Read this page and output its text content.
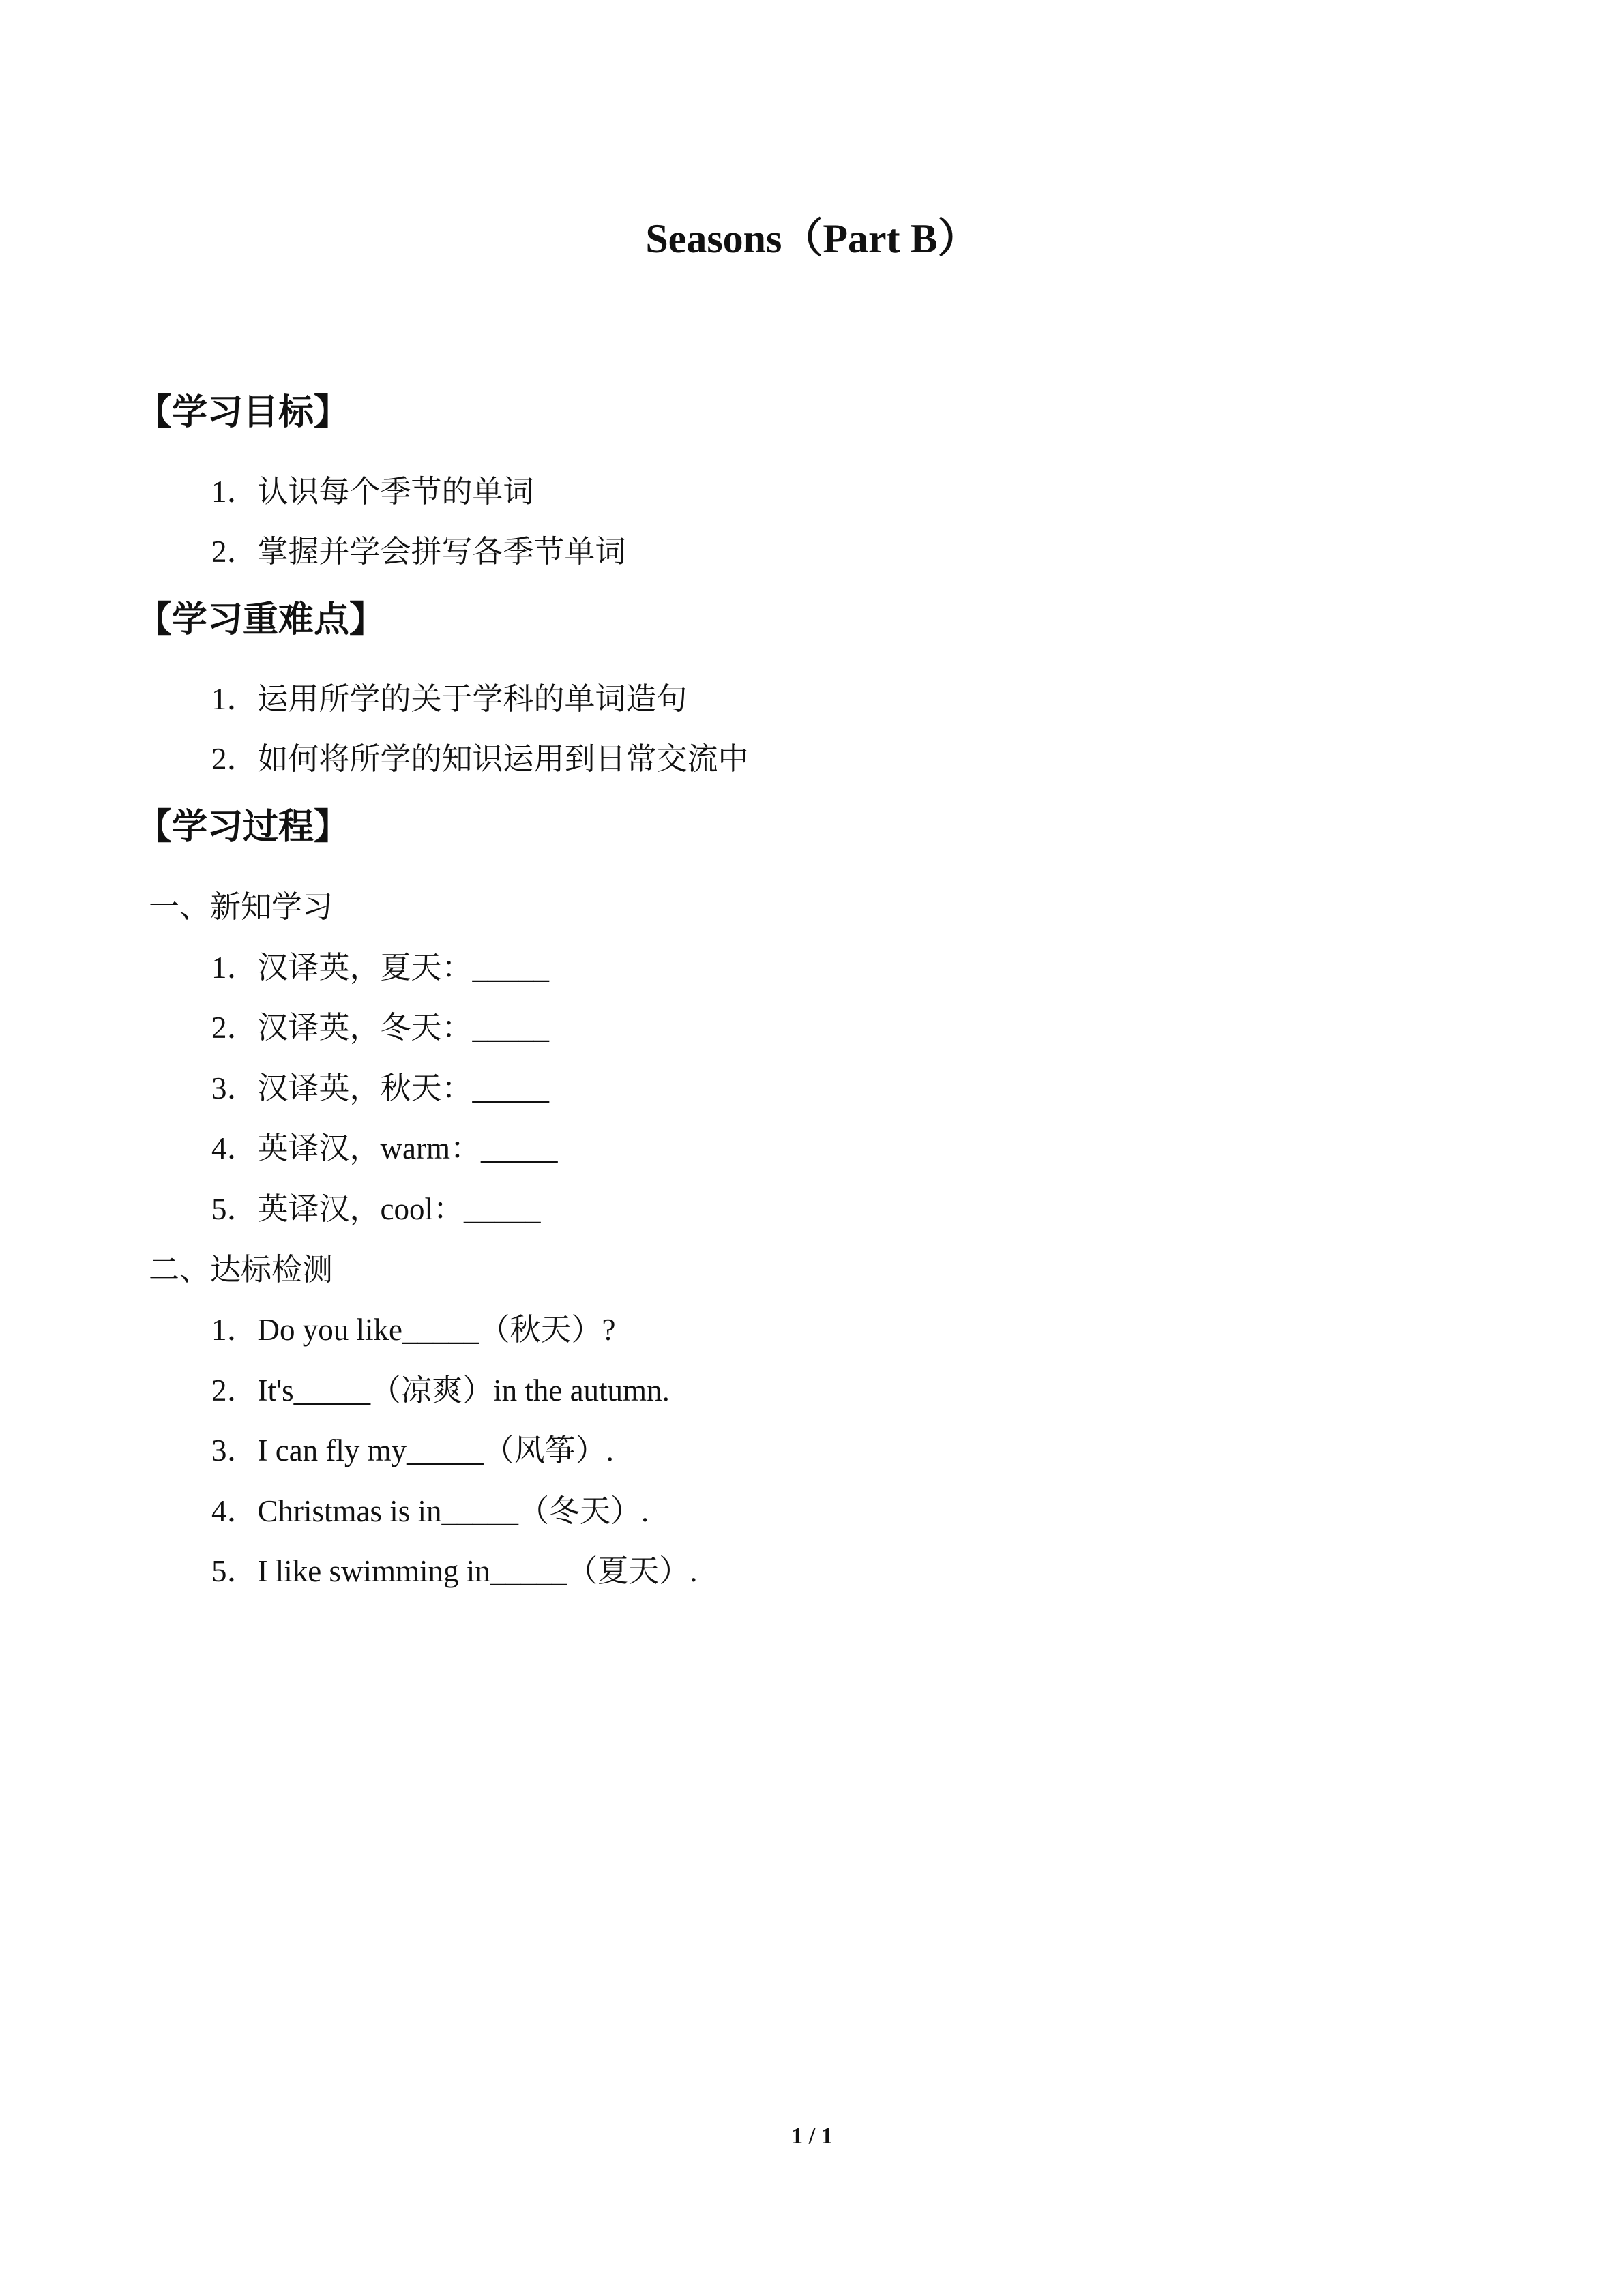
Seasons（Part B）
【学习目标】
1．认识每个季节的单词
2．掌握并学会拼写各季节单词
【学习重难点】
1．运用所学的关于学科的单词造句
2．如何将所学的知识运用到日常交流中
【学习过程】
一、新知学习
1．汉译英，夏天：_____
2．汉译英，冬天：_____
3．汉译英，秋天：_____
4．英译汉，warm：_____
5．英译汉，cool：_____
二、达标检测
1．Do you like_____（秋天）?
2．It's_____（凉爽）in the autumn.
3．I can fly my_____（风筝）.
4．Christmas is in_____（冬天）.
5．I like swimming in_____（夏天）.
1 / 1
